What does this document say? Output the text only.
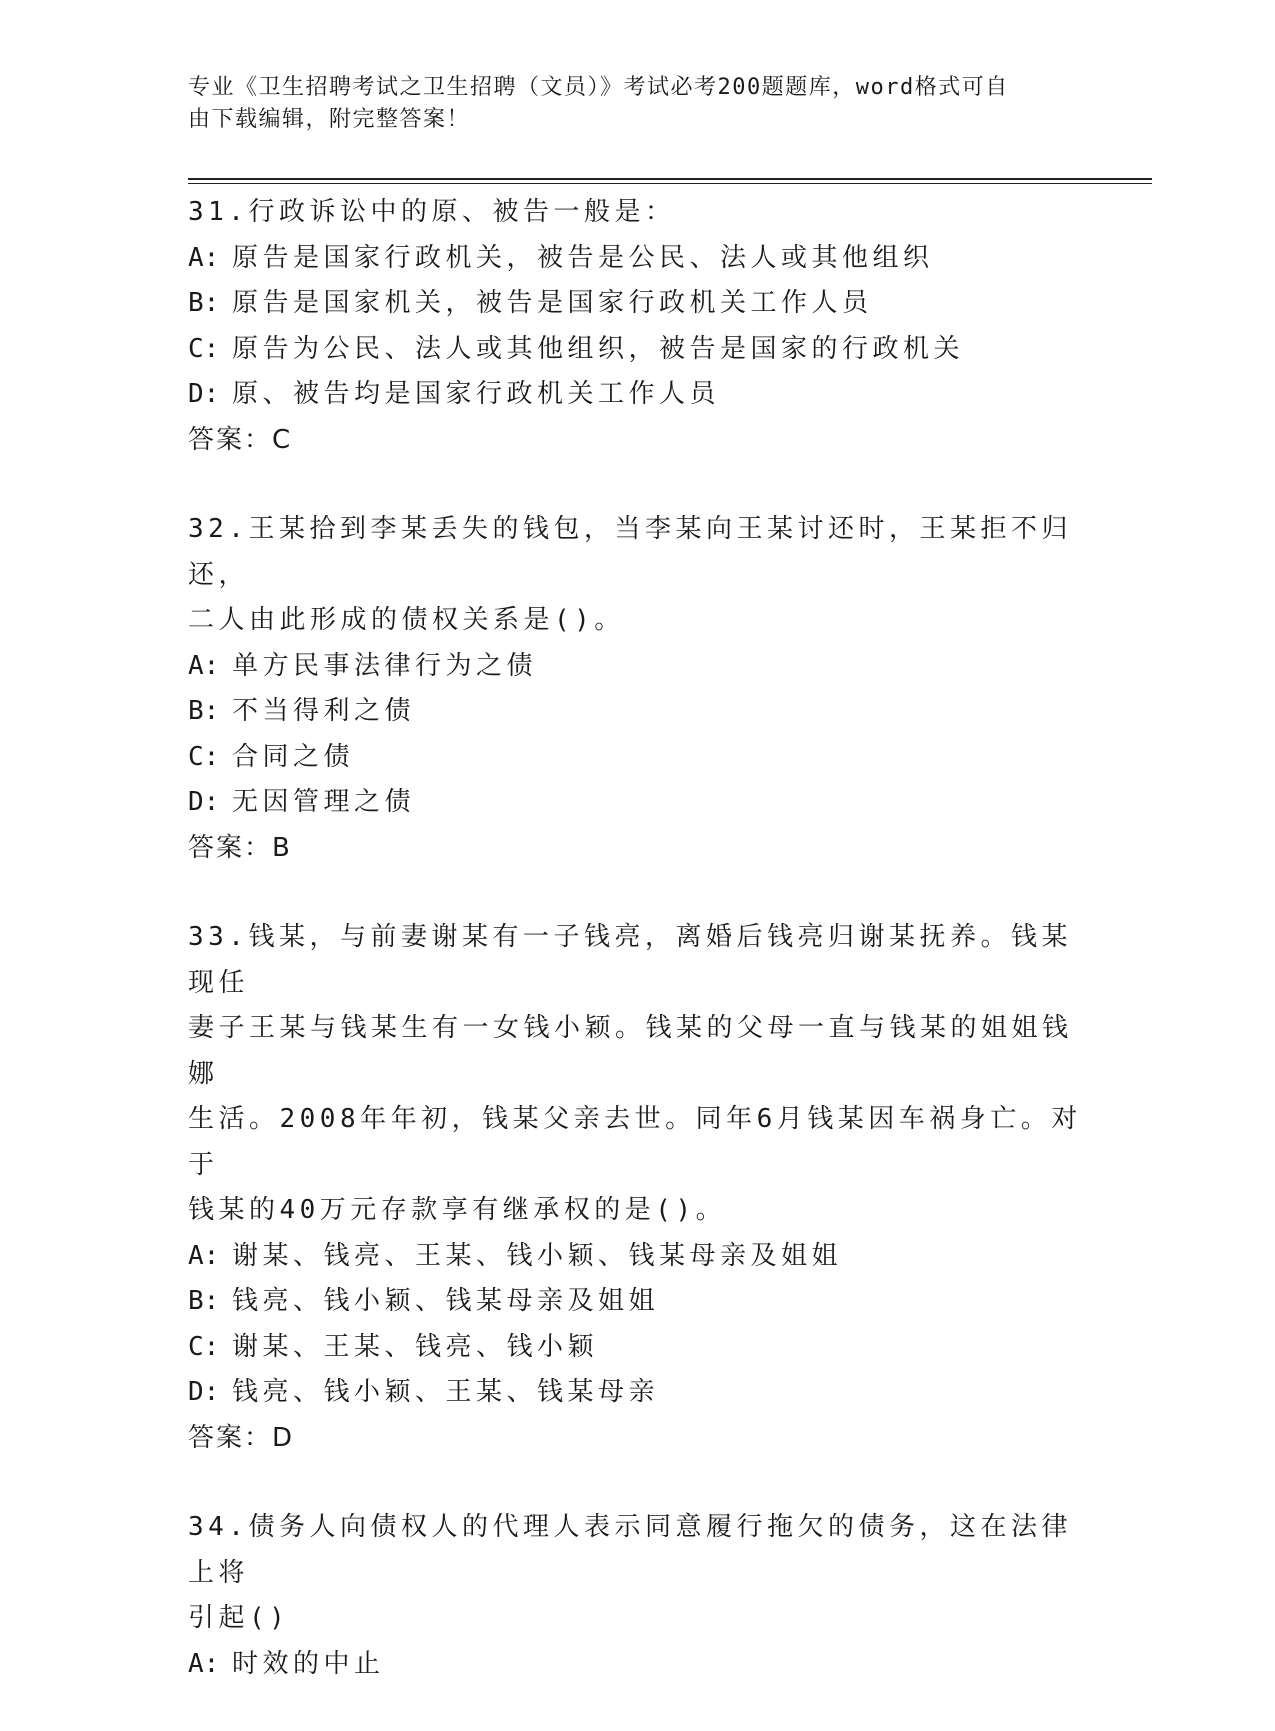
专业《卫生招聘考试之卫生招聘（文员）》考试必考200题题库，word格式可自
由下载编辑，附完整答案！
31.行政诉讼中的原、被告一般是：
A: 原告是国家行政机关，被告是公民、法人或其他组织
B: 原告是国家机关，被告是国家行政机关工作人员
C: 原告为公民、法人或其他组织，被告是国家的行政机关
D: 原、被告均是国家行政机关工作人员
答案：C
32.王某拾到李某丢失的钱包，当李某向王某讨还时，王某拒不归还，
二人由此形成的债权关系是()。
A: 单方民事法律行为之债
B: 不当得利之债
C: 合同之债
D: 无因管理之债
答案：B
33.钱某，与前妻谢某有一子钱亮，离婚后钱亮归谢某抚养。钱某现任
妻子王某与钱某生有一女钱小颖。钱某的父母一直与钱某的姐姐钱娜
生活。2008年年初，钱某父亲去世。同年6月钱某因车祸身亡。对于
钱某的40万元存款享有继承权的是()。
A: 谢某、钱亮、王某、钱小颖、钱某母亲及姐姐
B: 钱亮、钱小颖、钱某母亲及姐姐
C: 谢某、王某、钱亮、钱小颖
D: 钱亮、钱小颖、王某、钱某母亲
答案：D
34.债务人向债权人的代理人表示同意履行拖欠的债务，这在法律上将
引起()
A: 时效的中止
